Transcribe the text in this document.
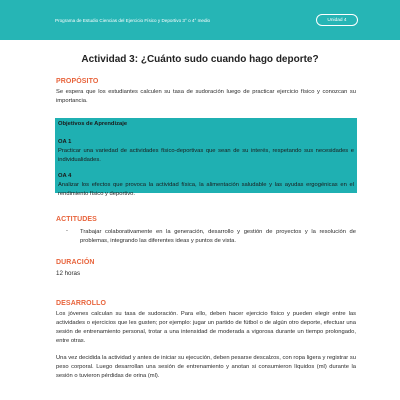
Programa de Estudio Ciencias del Ejercicio Físico y Deportivo 3° o 4° medio	Unidad 4
Actividad 3: ¿Cuánto sudo cuando hago deporte?
PROPÓSITO
Se espera que los estudiantes calculen su tasa de sudoración luego de practicar ejercicio físico y conozcan su importancia.
Objetivos de Aprendizaje
OA 1
Practicar una variedad de actividades físico-deportivas que sean de su interés, respetando sus necesidades e individualidades.
OA 4
Analizar los efectos que provoca la actividad física, la alimentación saludable y las ayudas ergogénicas en el rendimiento físico y deportivo.
ACTITUDES
- Trabajar colaborativamente en la generación, desarrollo y gestión de proyectos y la resolución de problemas, integrando las diferentes ideas y puntos de vista.
DURACIÓN
12 horas
DESARROLLO
Los jóvenes calculan su tasa de sudoración. Para ello, deben hacer ejercicio físico y pueden elegir entre las actividades o ejercicios que les gusten; por ejemplo: jugar un partido de fútbol o de algún otro deporte, efectuar una sesión de entrenamiento personal, trotar a una intensidad de moderada a vigorosa durante un tiempo prolongado, entre otras.
Una vez decidida la actividad y antes de iniciar su ejecución, deben pesarse descalzos, con ropa ligera y registrar su peso corporal. Luego desarrollan una sesión de entrenamiento y anotan si consumieron líquidos (ml) durante la sesión o tuvieron pérdidas de orina (ml).
